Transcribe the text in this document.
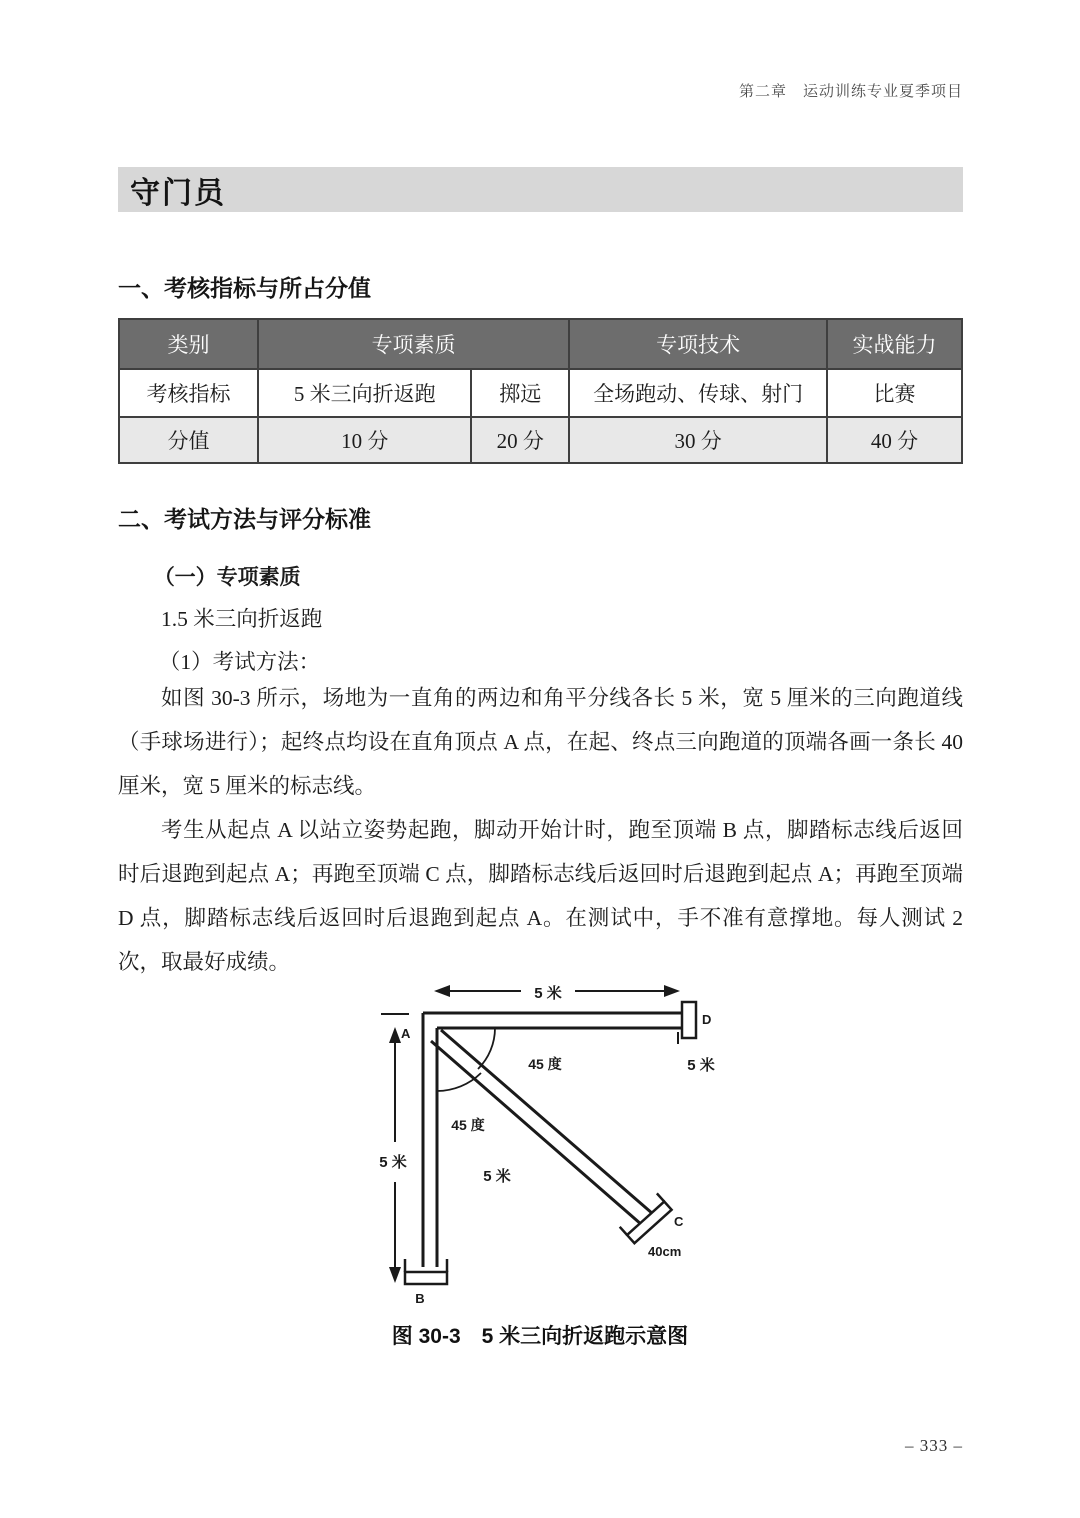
第二章　运动训练专业夏季项目
守门员
一、考核指标与所占分值
类别	专项素质		专项技术	实战能力
考核指标	5 米三向折返跑	掷远	全场跑动、传球、射门	比赛
分值	10 分	20 分	30 分	40 分
二、考试方法与评分标准
（一）专项素质
1.5 米三向折返跑
（1）考试方法：
如图 30-3 所示，场地为一直角的两边和角平分线各长 5 米，宽 5 厘米的三向跑道线（手球场进行）；起终点均设在直角顶点 A 点，在起、终点三向跑道的顶端各画一条长 40 厘米，宽 5 厘米的标志线。
考生从起点 A 以站立姿势起跑，脚动开始计时，跑至顶端 B 点，脚踏标志线后返回时后退跑到起点 A；再跑至顶端 C 点，脚踏标志线后返回时后退跑到起点 A；再跑至顶端 D 点，脚踏标志线后返回时后退跑到起点 A。在测试中，手不准有意撑地。每人测试 2 次，取最好成绩。
5 米
5 米
5 米
5 米
45 度
45 度
A
B
C
D
40cm
图 30-3　5 米三向折返跑示意图
– 333 –
